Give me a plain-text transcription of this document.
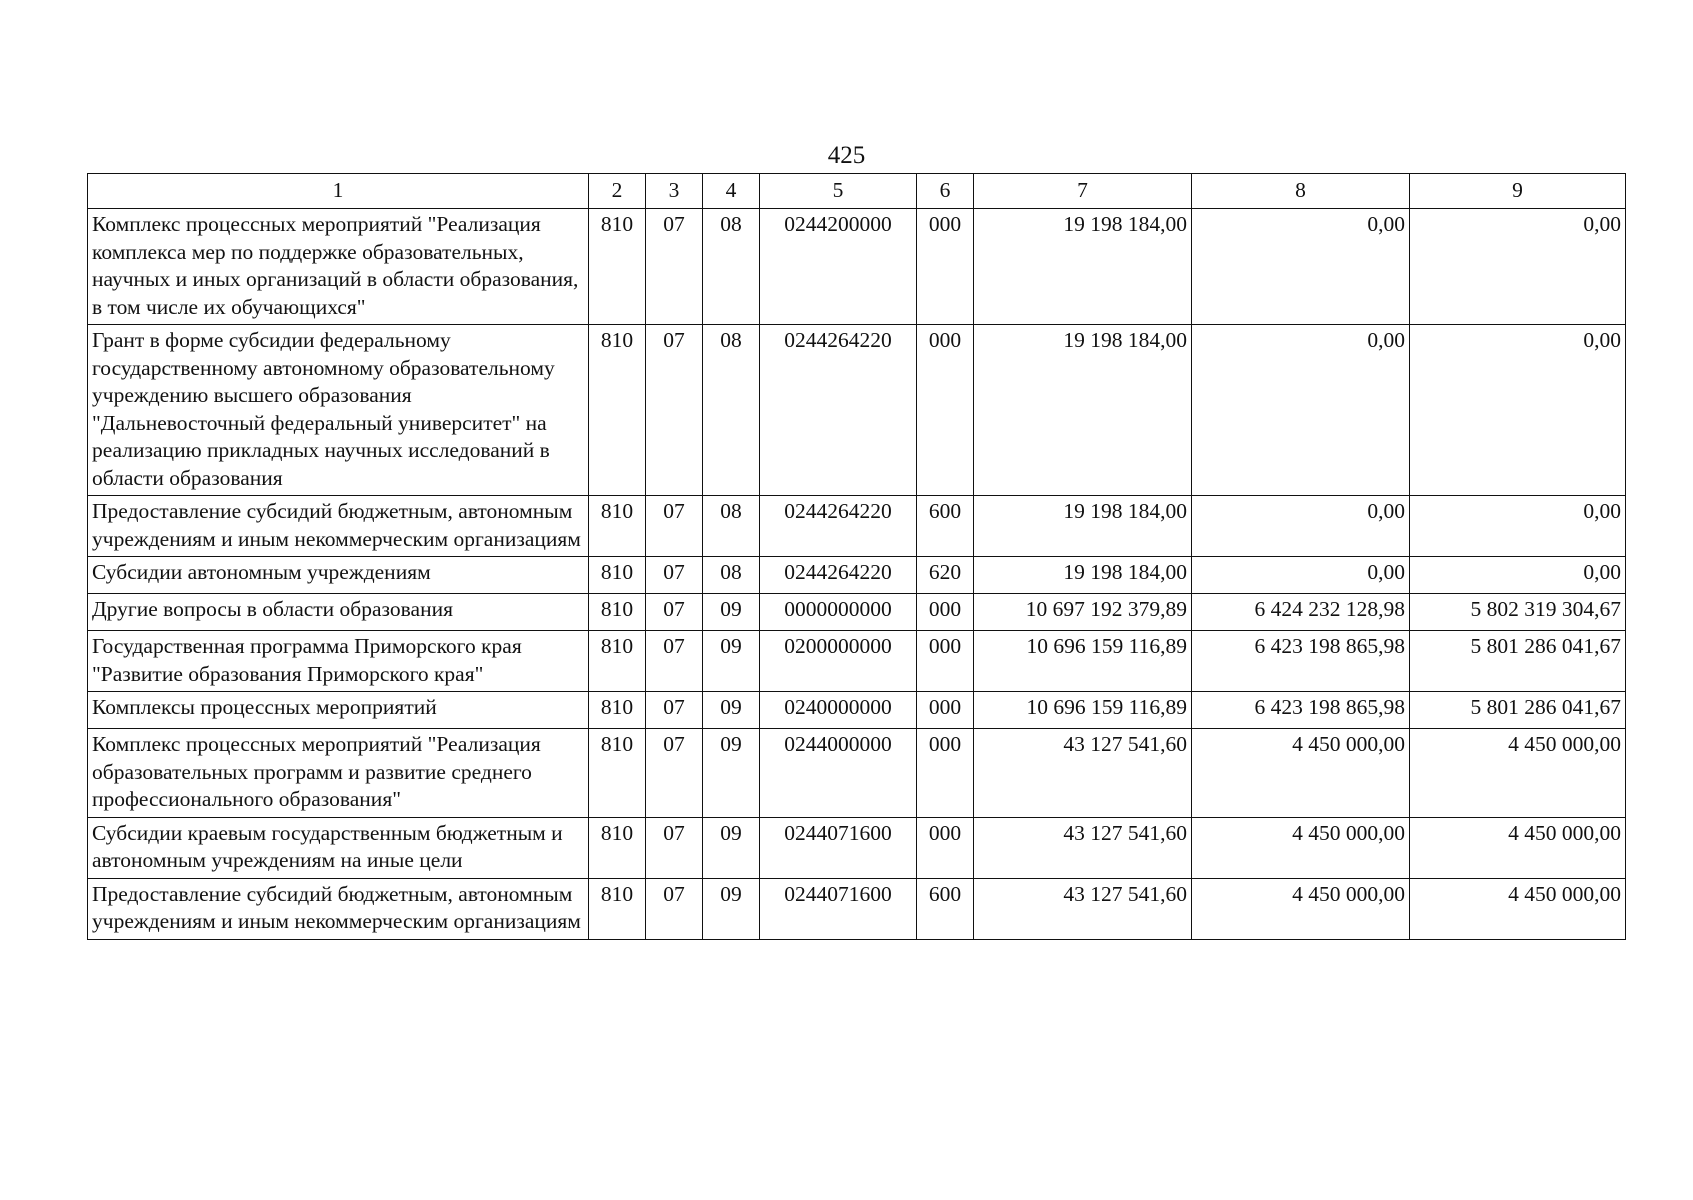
425
1	2	3	4	5	6	7	8	9
Комплекс процессных мероприятий "Реализация комплекса мер по поддержке образовательных, научных и иных организаций в области образования, в том числе их обучающихся"	810	07	08	0244200000	000	19 198 184,00	0,00	0,00
Грант в форме субсидии федеральному государственному автономному образовательному учреждению высшего образования "Дальневосточный федеральный университет" на реализацию прикладных научных исследований в области образования	810	07	08	0244264220	000	19 198 184,00	0,00	0,00
Предоставление субсидий бюджетным, автономным учреждениям и иным некоммерческим организациям	810	07	08	0244264220	600	19 198 184,00	0,00	0,00
Субсидии автономным учреждениям	810	07	08	0244264220	620	19 198 184,00	0,00	0,00
Другие вопросы в области образования	810	07	09	0000000000	000	10 697 192 379,89	6 424 232 128,98	5 802 319 304,67
Государственная программа Приморского края "Развитие образования Приморского края"	810	07	09	0200000000	000	10 696 159 116,89	6 423 198 865,98	5 801 286 041,67
Комплексы процессных мероприятий	810	07	09	0240000000	000	10 696 159 116,89	6 423 198 865,98	5 801 286 041,67
Комплекс процессных мероприятий "Реализация образовательных программ и развитие среднего профессионального образования"	810	07	09	0244000000	000	43 127 541,60	4 450 000,00	4 450 000,00
Субсидии краевым государственным бюджетным и автономным учреждениям на иные цели	810	07	09	0244071600	000	43 127 541,60	4 450 000,00	4 450 000,00
Предоставление субсидий бюджетным, автономным учреждениям и иным некоммерческим организациям	810	07	09	0244071600	600	43 127 541,60	4 450 000,00	4 450 000,00
